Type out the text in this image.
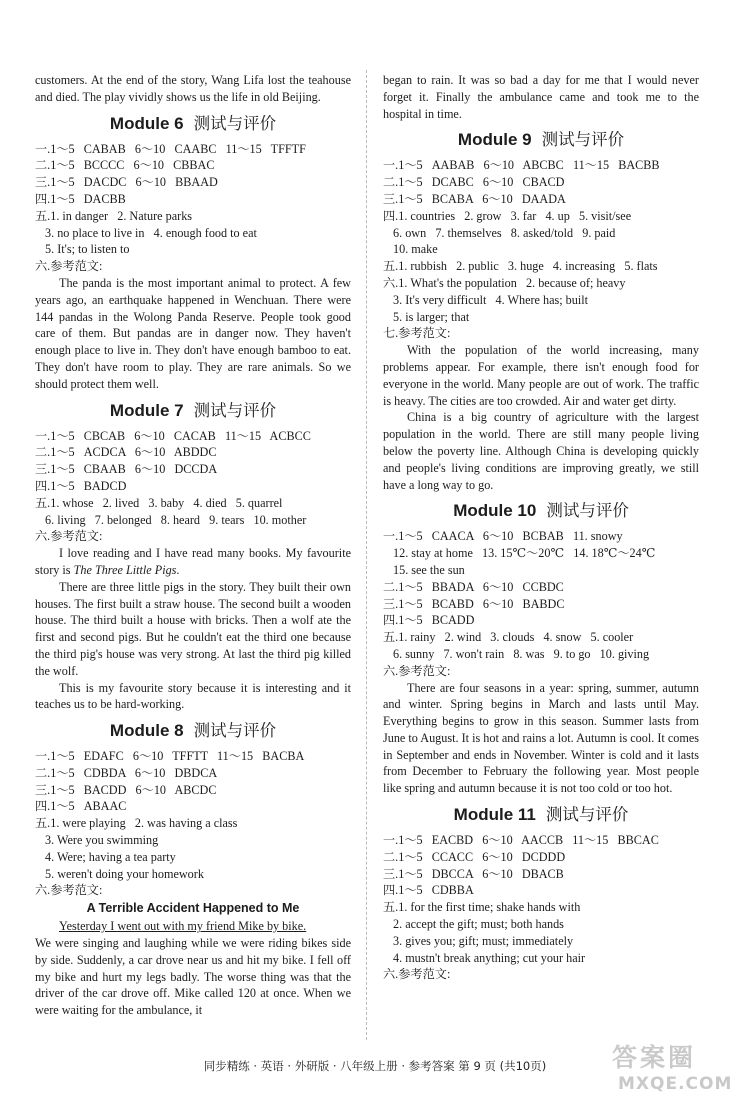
customers. At the end of the story, Wang Lifa lost the teahouse and died. The play vividly shows us the life in old Beijing.

Module 6 测试与评价

一.1～5   CABAB   6～10   CAABC   11～15   TFFTF

二.1～5   BCCCC   6～10   CBBAC

三.1～5   DACDC   6～10   BBAAD

四.1～5   DACBB

五.1. in danger   2. Nature parks

3. no place to live in   4. enough food to eat

5. It's; to listen to

六.参考范文:

The panda is the most important animal to protect. A few years ago, an earthquake happened in Wenchuan. There were 144 pandas in the Wolong Panda Reserve. People took good care of them. But pandas are in danger now. They haven't enough place to live in. They don't have enough bamboo to eat. They don't have room to play. They are rare animals. So we should protect them well.

Module 7 测试与评价

一.1～5   CBCAB   6～10   CACAB   11～15   ACBCC

二.1～5   ACDCA   6～10   ABDDC

三.1～5   CBAAB   6～10   DCCDA

四.1～5   BADCD

五.1. whose   2. lived   3. baby   4. died   5. quarrel

6. living   7. belonged   8. heard   9. tears   10. mother

六.参考范文:

I love reading and I have read many books. My favourite story is The Three Little Pigs.

There are three little pigs in the story. They built their own houses. The first built a straw house. The second built a wooden house. The third built a house with bricks. Then a wolf ate the first and second pigs. But he couldn't eat the third one because the third pig's house was very strong. At last the third pig killed the wolf.

This is my favourite story because it is interesting and it teaches us to be hard-working.

Module 8 测试与评价

一.1～5   EDAFC   6～10   TFFTT   11～15   BACBA

二.1～5   CDBDA   6～10   DBDCA

三.1～5   BACDD   6～10   ABCDC

四.1～5   ABAAC

五.1. were playing   2. was having a class

3. Were you swimming

4. Were; having a tea party

5. weren't doing your homework

六.参考范文:

A Terrible Accident Happened to Me

Yesterday I went out with my friend Mike by bike.

We were singing and laughing while we were riding bikes side by side. Suddenly, a car drove near us and hit my bike. I fell off my bike and hurt my legs badly. The worse thing was that the driver of the car drove off. Mike called 120 at once. When we were waiting for the ambulance, it

began to rain. It was so bad a day for me that I would never forget it. Finally the ambulance came and took me to the hospital in time.

Module 9 测试与评价

一.1～5   AABAB   6～10   ABCBC   11～15   BACBB

二.1～5   DCABC   6～10   CBACD

三.1～5   BCABA   6～10   DAADA

四.1. countries   2. grow   3. far   4. up   5. visit/see

6. own   7. themselves   8. asked/told   9. paid

10. make

五.1. rubbish   2. public   3. huge   4. increasing   5. flats

六.1. What's the population   2. because of; heavy

3. It's very difficult   4. Where has; built

5. is larger; that

七.参考范文:

With the population of the world increasing, many problems appear. For example, there isn't enough food for everyone in the world. Many people are out of work. The traffic is heavy. The cities are too crowded. Air and water get dirty.

China is a big country of agriculture with the largest population in the world. There are still many people living below the poverty line. Although China is developing quickly and people's living conditions are improving greatly, we still have a long way to go.

Module 10 测试与评价

一.1～5   CAACA   6～10   BCBAB   11. snowy

12. stay at home   13. 15℃～20℃   14. 18℃～24℃

15. see the sun

二.1～5   BBADA   6～10   CCBDC

三.1～5   BCABD   6～10   BABDC

四.1～5   BCADD

五.1. rainy   2. wind   3. clouds   4. snow   5. cooler

6. sunny   7. won't rain   8. was   9. to go   10. giving

六.参考范文:

There are four seasons in a year: spring, summer, autumn and winter. Spring begins in March and lasts until May. Everything begins to grow in this season. Summer lasts from June to August. It is hot and rains a lot. Autumn is cool. It comes in September and ends in November. Winter is cold and it lasts from December to February the following year. Most people like spring and autumn because it is not too cold or too hot.

Module 11 测试与评价

一.1～5   EACBD   6～10   AACCB   11～15   BBCAC

二.1～5   CCACC   6～10   DCDDD

三.1～5   DBCCA   6～10   DBACB

四.1～5   CDBBA

五.1. for the first time; shake hands with

2. accept the gift; must; both hands

3. gives you; gift; must; immediately

4. mustn't break anything; cut your hair

六.参考范文:

同步精练 · 英语 · 外研版 · 八年级上册 · 参考答案 第 9 页 (共10页)	答案圈
MXQE.COM
